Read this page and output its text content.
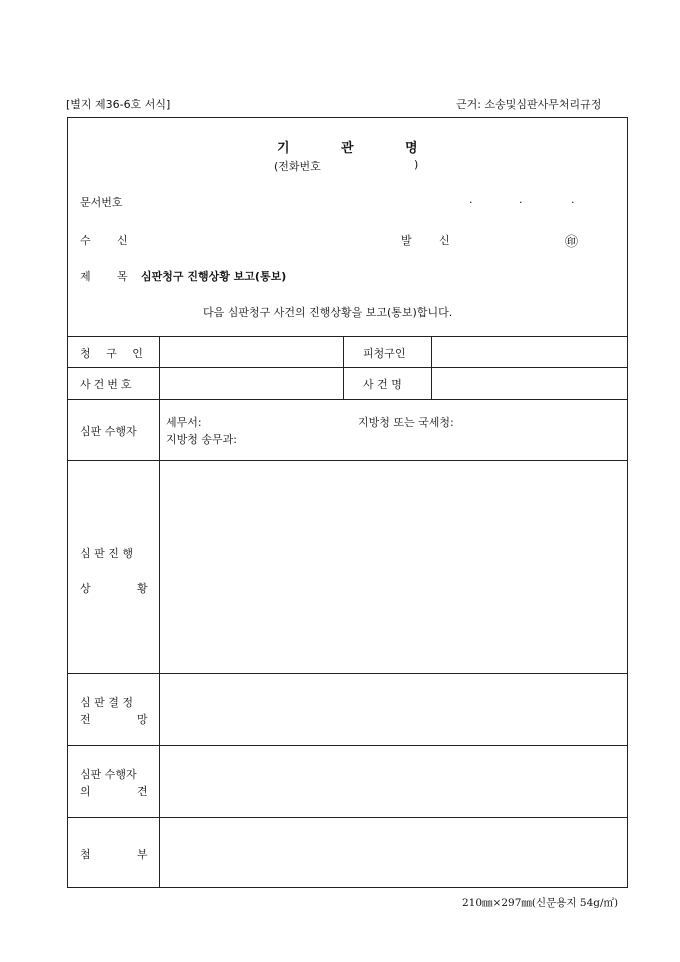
[별지 제36-6호 서식]	근거: 소송및심판사무처리규정
기	관	명
(전화번호	)
문서번호	·	·	·
수 신	발 신	㊞
제 목 심판청구 진행상황 보고(통보)
다음 심판청구 사건의 진행상황을 보고(통보)합니다.
청 구 인	피청구인
사건번호	사 건 명
심판 수행자
세무서:	지방청 또는 국세청:
지방청 송무과:
심 판 진 행
상	황
심 판 결 정
전	망
심판 수행자
의	견
첨	부
210㎜×297㎜(신문용지 54g/㎡)
